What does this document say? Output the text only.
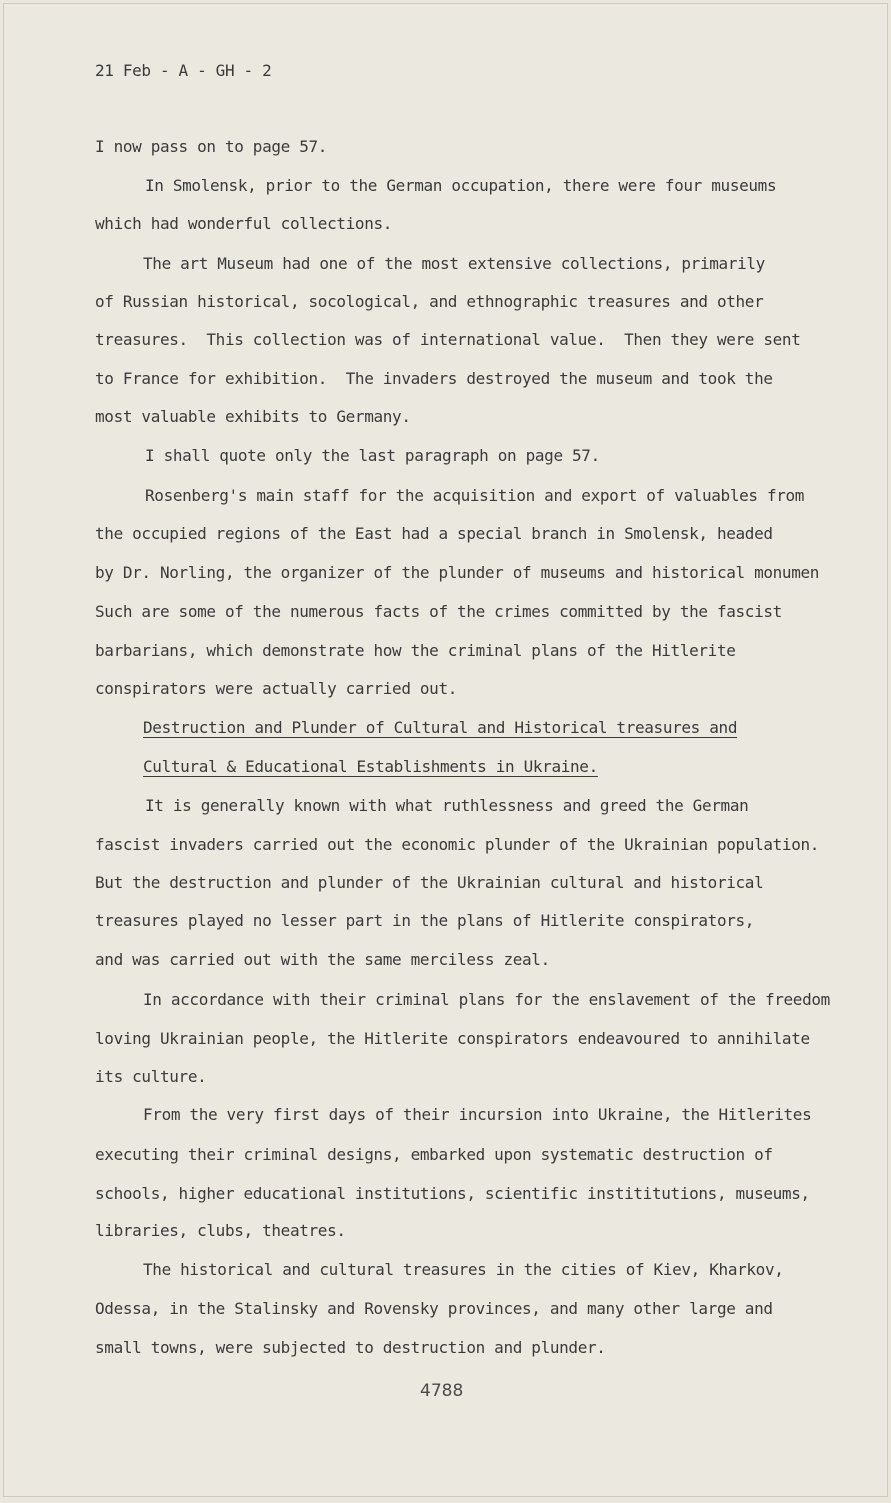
21 Feb - A - GH - 2
I now pass on to page 57.
In Smolensk, prior to the German occupation, there were four museums
which had wonderful collections.
The art Museum had one of the most extensive collections, primarily
of Russian historical, socological, and ethnographic treasures and other
treasures.  This collection was of international value.  Then they were sent
to France for exhibition.  The invaders destroyed the museum and took the
most valuable exhibits to Germany.
I shall quote only the last paragraph on page 57.
Rosenberg's main staff for the acquisition and export of valuables from
the occupied regions of the East had a special branch in Smolensk, headed
by Dr. Norling, the organizer of the plunder of museums and historical monumen
Such are some of the numerous facts of the crimes committed by the fascist
barbarians, which demonstrate how the criminal plans of the Hitlerite
conspirators were actually carried out.
Destruction and Plunder of Cultural and Historical treasures and
Cultural & Educational Establishments in Ukraine.
It is generally known with what ruthlessness and greed the German
fascist invaders carried out the economic plunder of the Ukrainian population.
But the destruction and plunder of the Ukrainian cultural and historical
treasures played no lesser part in the plans of Hitlerite conspirators,
and was carried out with the same merciless zeal.
In accordance with their criminal plans for the enslavement of the freedom
loving Ukrainian people, the Hitlerite conspirators endeavoured to annihilate
its culture.
From the very first days of their incursion into Ukraine, the Hitlerites
executing their criminal designs, embarked upon systematic destruction of
schools, higher educational institutions, scientific instititutions, museums,
libraries, clubs, theatres.
The historical and cultural treasures in the cities of Kiev, Kharkov,
Odessa, in the Stalinsky and Rovensky provinces, and many other large and
small towns, were subjected to destruction and plunder.
4788
